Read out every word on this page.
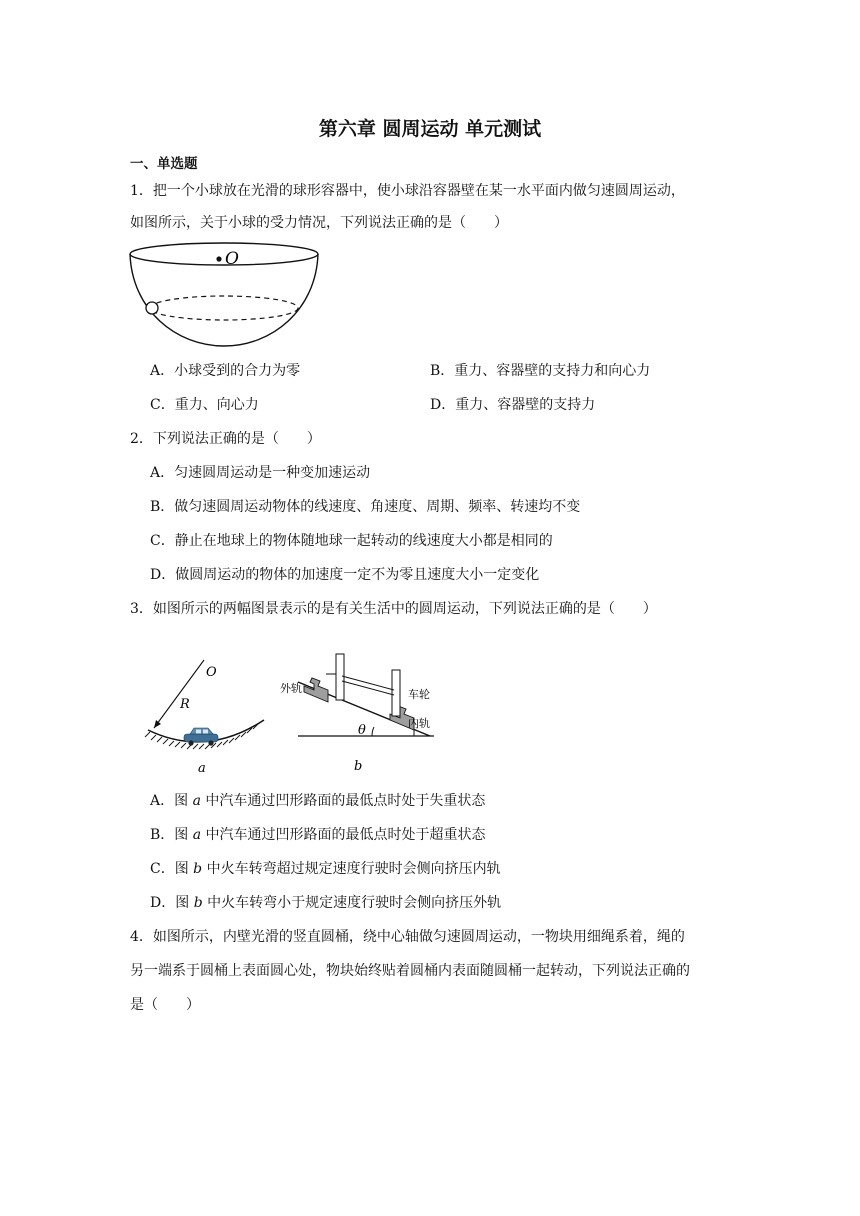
第六章 圆周运动 单元测试
一、单选题
1．把一个小球放在光滑的球形容器中，使小球沿容器壁在某一水平面内做匀速圆周运动，
如图所示，关于小球的受力情况，下列说法正确的是（　　）
O
A．小球受到的合力为零	B．重力、容器壁的支持力和向心力
C．重力、向心力	D．重力、容器壁的支持力
2．下列说法正确的是（　　）
A．匀速圆周运动是一种变加速运动
B．做匀速圆周运动物体的线速度、角速度、周期、频率、转速均不变
C．静止在地球上的物体随地球一起转动的线速度大小都是相同的
D．做圆周运动的物体的加速度一定不为零且速度大小一定变化
3．如图所示的两幅图景表示的是有关生活中的圆周运动，下列说法正确的是（　　）
O
R
a
θ
外轨	车轮
内轨
b
A．图 a 中汽车通过凹形路面的最低点时处于失重状态
B．图 a 中汽车通过凹形路面的最低点时处于超重状态
C．图 b 中火车转弯超过规定速度行驶时会侧向挤压内轨
D．图 b 中火车转弯小于规定速度行驶时会侧向挤压外轨
4．如图所示，内壁光滑的竖直圆桶，绕中心轴做匀速圆周运动，一物块用细绳系着，绳的
另一端系于圆桶上表面圆心处，物块始终贴着圆桶内表面随圆桶一起转动，下列说法正确的
是（　　）
